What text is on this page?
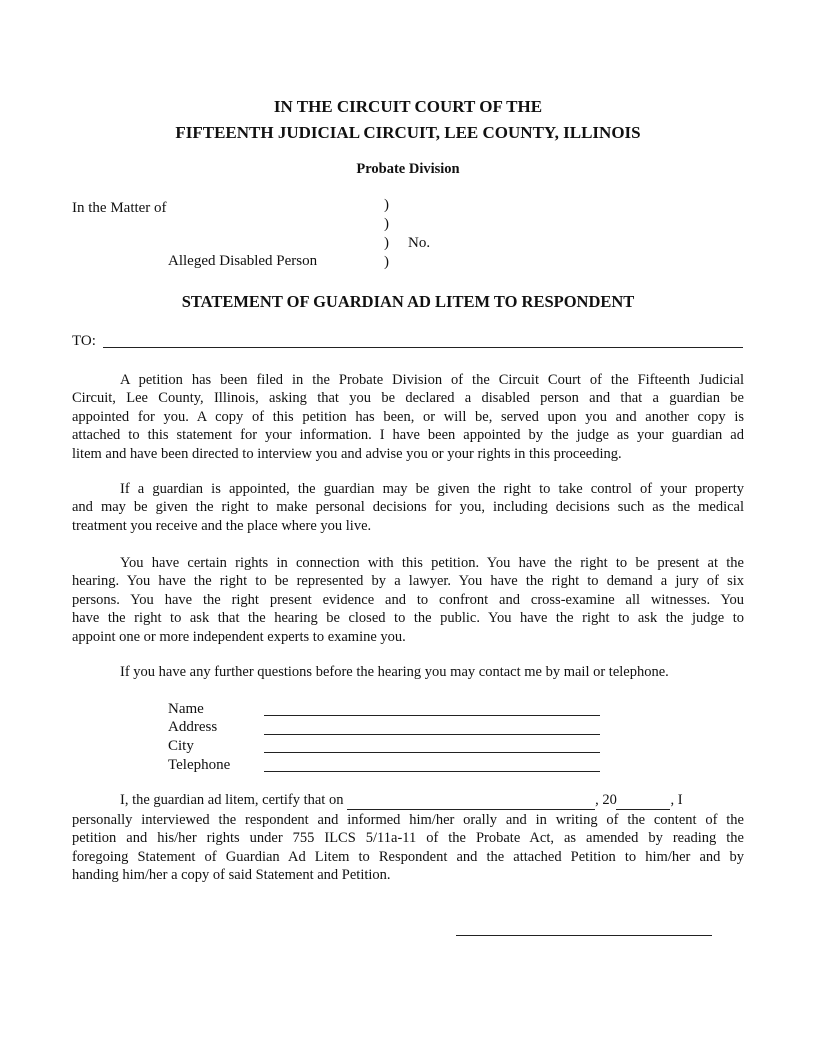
IN THE CIRCUIT COURT OF THE
FIFTEENTH JUDICIAL CIRCUIT, LEE COUNTY, ILLINOIS
Probate Division
In the Matter of	)
)
) No.
Alleged Disabled Person	)
STATEMENT OF GUARDIAN AD LITEM TO RESPONDENT
TO:
A petition has been filed in the Probate Division of the Circuit Court of the Fifteenth Judicial
Circuit, Lee County, Illinois, asking that you be declared a disabled person and that a guardian be
appointed for you. A copy of this petition has been, or will be, served upon you and another copy is
attached to this statement for your information. I have been appointed by the judge as your guardian ad
litem and have been directed to interview you and advise you or your rights in this proceeding.
If a guardian is appointed, the guardian may be given the right to take control of your property
and may be given the right to make personal decisions for you, including decisions such as the medical
treatment you receive and the place where you live.
You have certain rights in connection with this petition. You have the right to be present at the
hearing. You have the right to be represented by a lawyer. You have the right to demand a jury of six
persons. You have the right present evidence and to confront and cross-examine all witnesses. You
have the right to ask that the hearing be closed to the public. You have the right to ask the judge to
appoint one or more independent experts to examine you.
If you have any further questions before the hearing you may contact me by mail or telephone.
Name
Address
City
Telephone
I, the guardian ad litem, certify that on	, 20	, I
personally interviewed the respondent and informed him/her orally and in writing of the content of the
petition and his/her rights under 755 ILCS 5/11a-11 of the Probate Act, as amended by reading the
foregoing Statement of Guardian Ad Litem to Respondent and the attached Petition to him/her and by
handing him/her a copy of said Statement and Petition.
